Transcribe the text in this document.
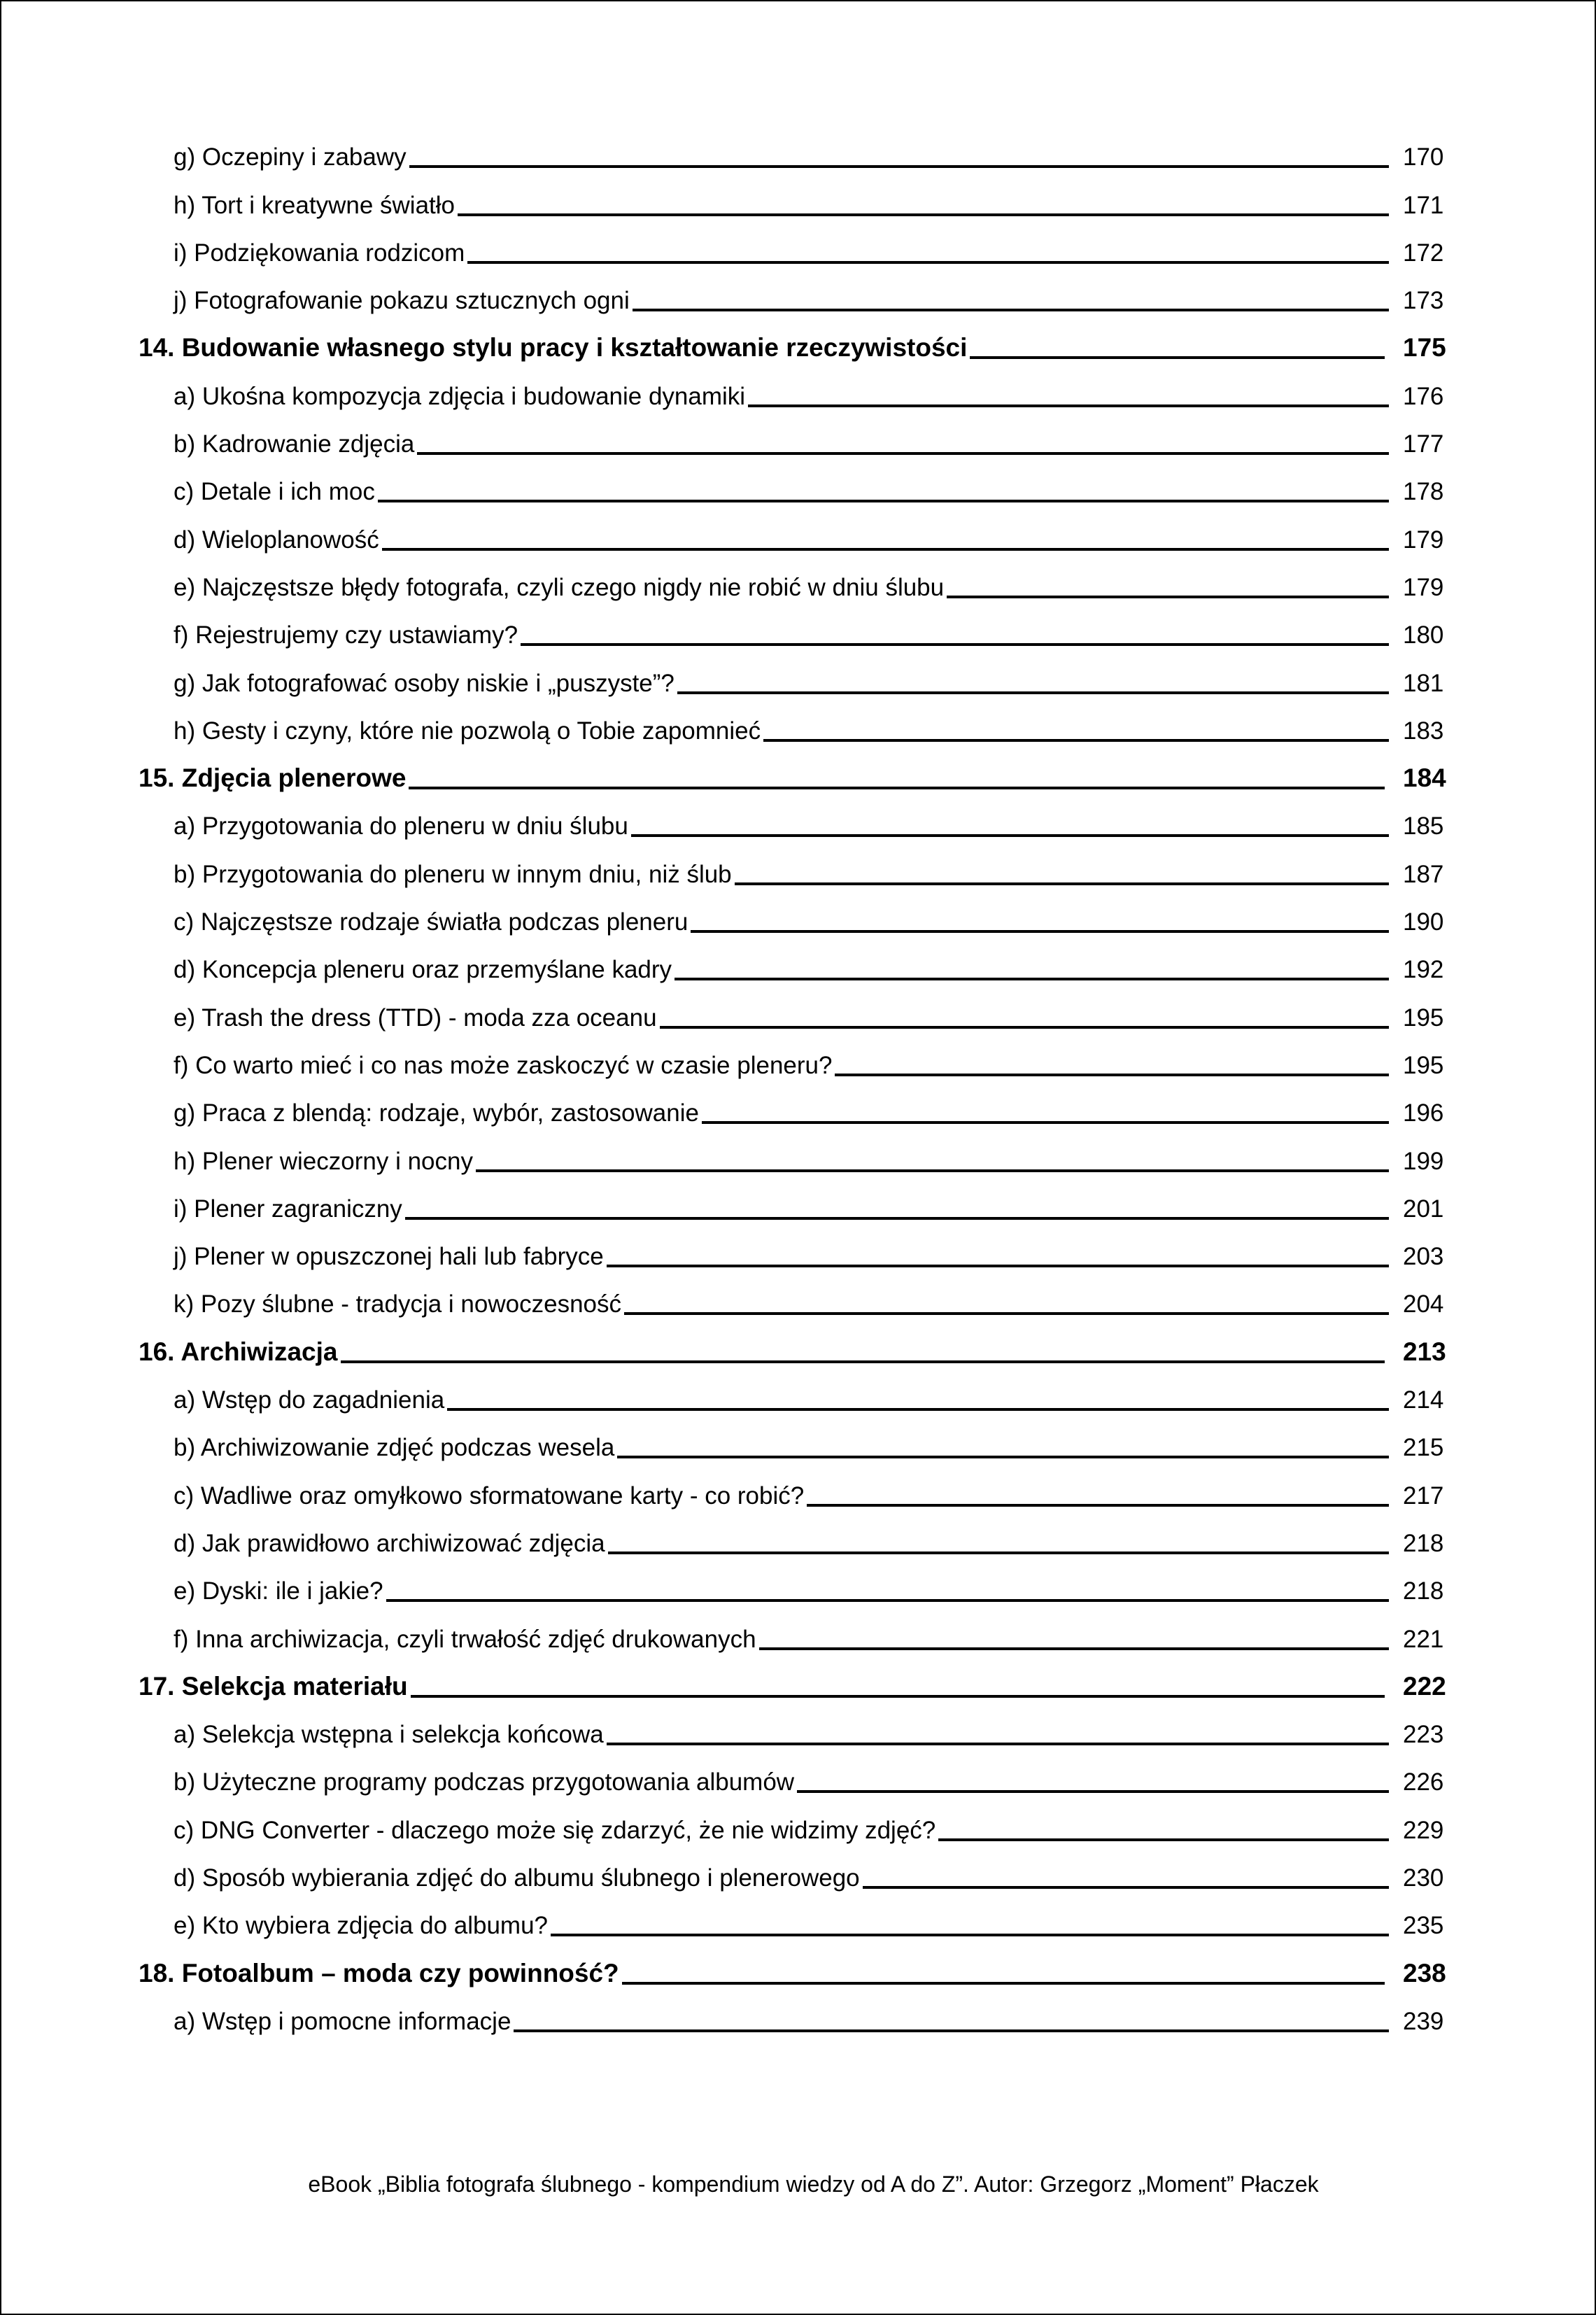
g) Oczepiny i zabawy	170
h) Tort i kreatywne światło	171
i) Podziękowania rodzicom	172
j) Fotografowanie pokazu sztucznych ogni	173
14. Budowanie własnego stylu pracy i kształtowanie rzeczywistości	175
a) Ukośna kompozycja zdjęcia i budowanie dynamiki	176
b) Kadrowanie zdjęcia	177
c) Detale i ich moc	178
d) Wieloplanowość	179
e) Najczęstsze błędy fotografa, czyli czego nigdy nie robić w dniu ślubu	179
f) Rejestrujemy czy ustawiamy?	180
g) Jak fotografować osoby niskie i „puszyste”?	181
h) Gesty i czyny, które nie pozwolą o Tobie zapomnieć	183
15. Zdjęcia plenerowe	184
a) Przygotowania do pleneru w dniu ślubu	185
b) Przygotowania do pleneru w innym dniu, niż ślub	187
c) Najczęstsze rodzaje światła podczas pleneru	190
d) Koncepcja pleneru oraz przemyślane kadry	192
e) Trash the dress (TTD) - moda zza oceanu	195
f) Co warto mieć i co nas może zaskoczyć w czasie pleneru?	195
g) Praca z blendą: rodzaje, wybór, zastosowanie	196
h) Plener wieczorny i nocny	199
i) Plener zagraniczny	201
j) Plener w opuszczonej hali lub fabryce	203
k) Pozy ślubne - tradycja i nowoczesność	204
16. Archiwizacja	213
a) Wstęp do zagadnienia	214
b) Archiwizowanie zdjęć podczas wesela	215
c) Wadliwe oraz omyłkowo sformatowane karty - co robić?	217
d) Jak prawidłowo archiwizować zdjęcia	218
e) Dyski: ile i jakie?	218
f) Inna archiwizacja, czyli trwałość zdjęć drukowanych	221
17. Selekcja materiału	222
a) Selekcja wstępna i selekcja końcowa	223
b) Użyteczne programy podczas przygotowania albumów	226
c) DNG Converter - dlaczego może się zdarzyć, że nie widzimy zdjęć?	229
d) Sposób wybierania zdjęć do albumu ślubnego i plenerowego	230
e) Kto wybiera zdjęcia do albumu?	235
18. Fotoalbum – moda czy powinność?	238
a) Wstęp i pomocne informacje	239
eBook „Biblia fotografa ślubnego - kompendium wiedzy od A do Z”. Autor: Grzegorz „Moment” Płaczek
